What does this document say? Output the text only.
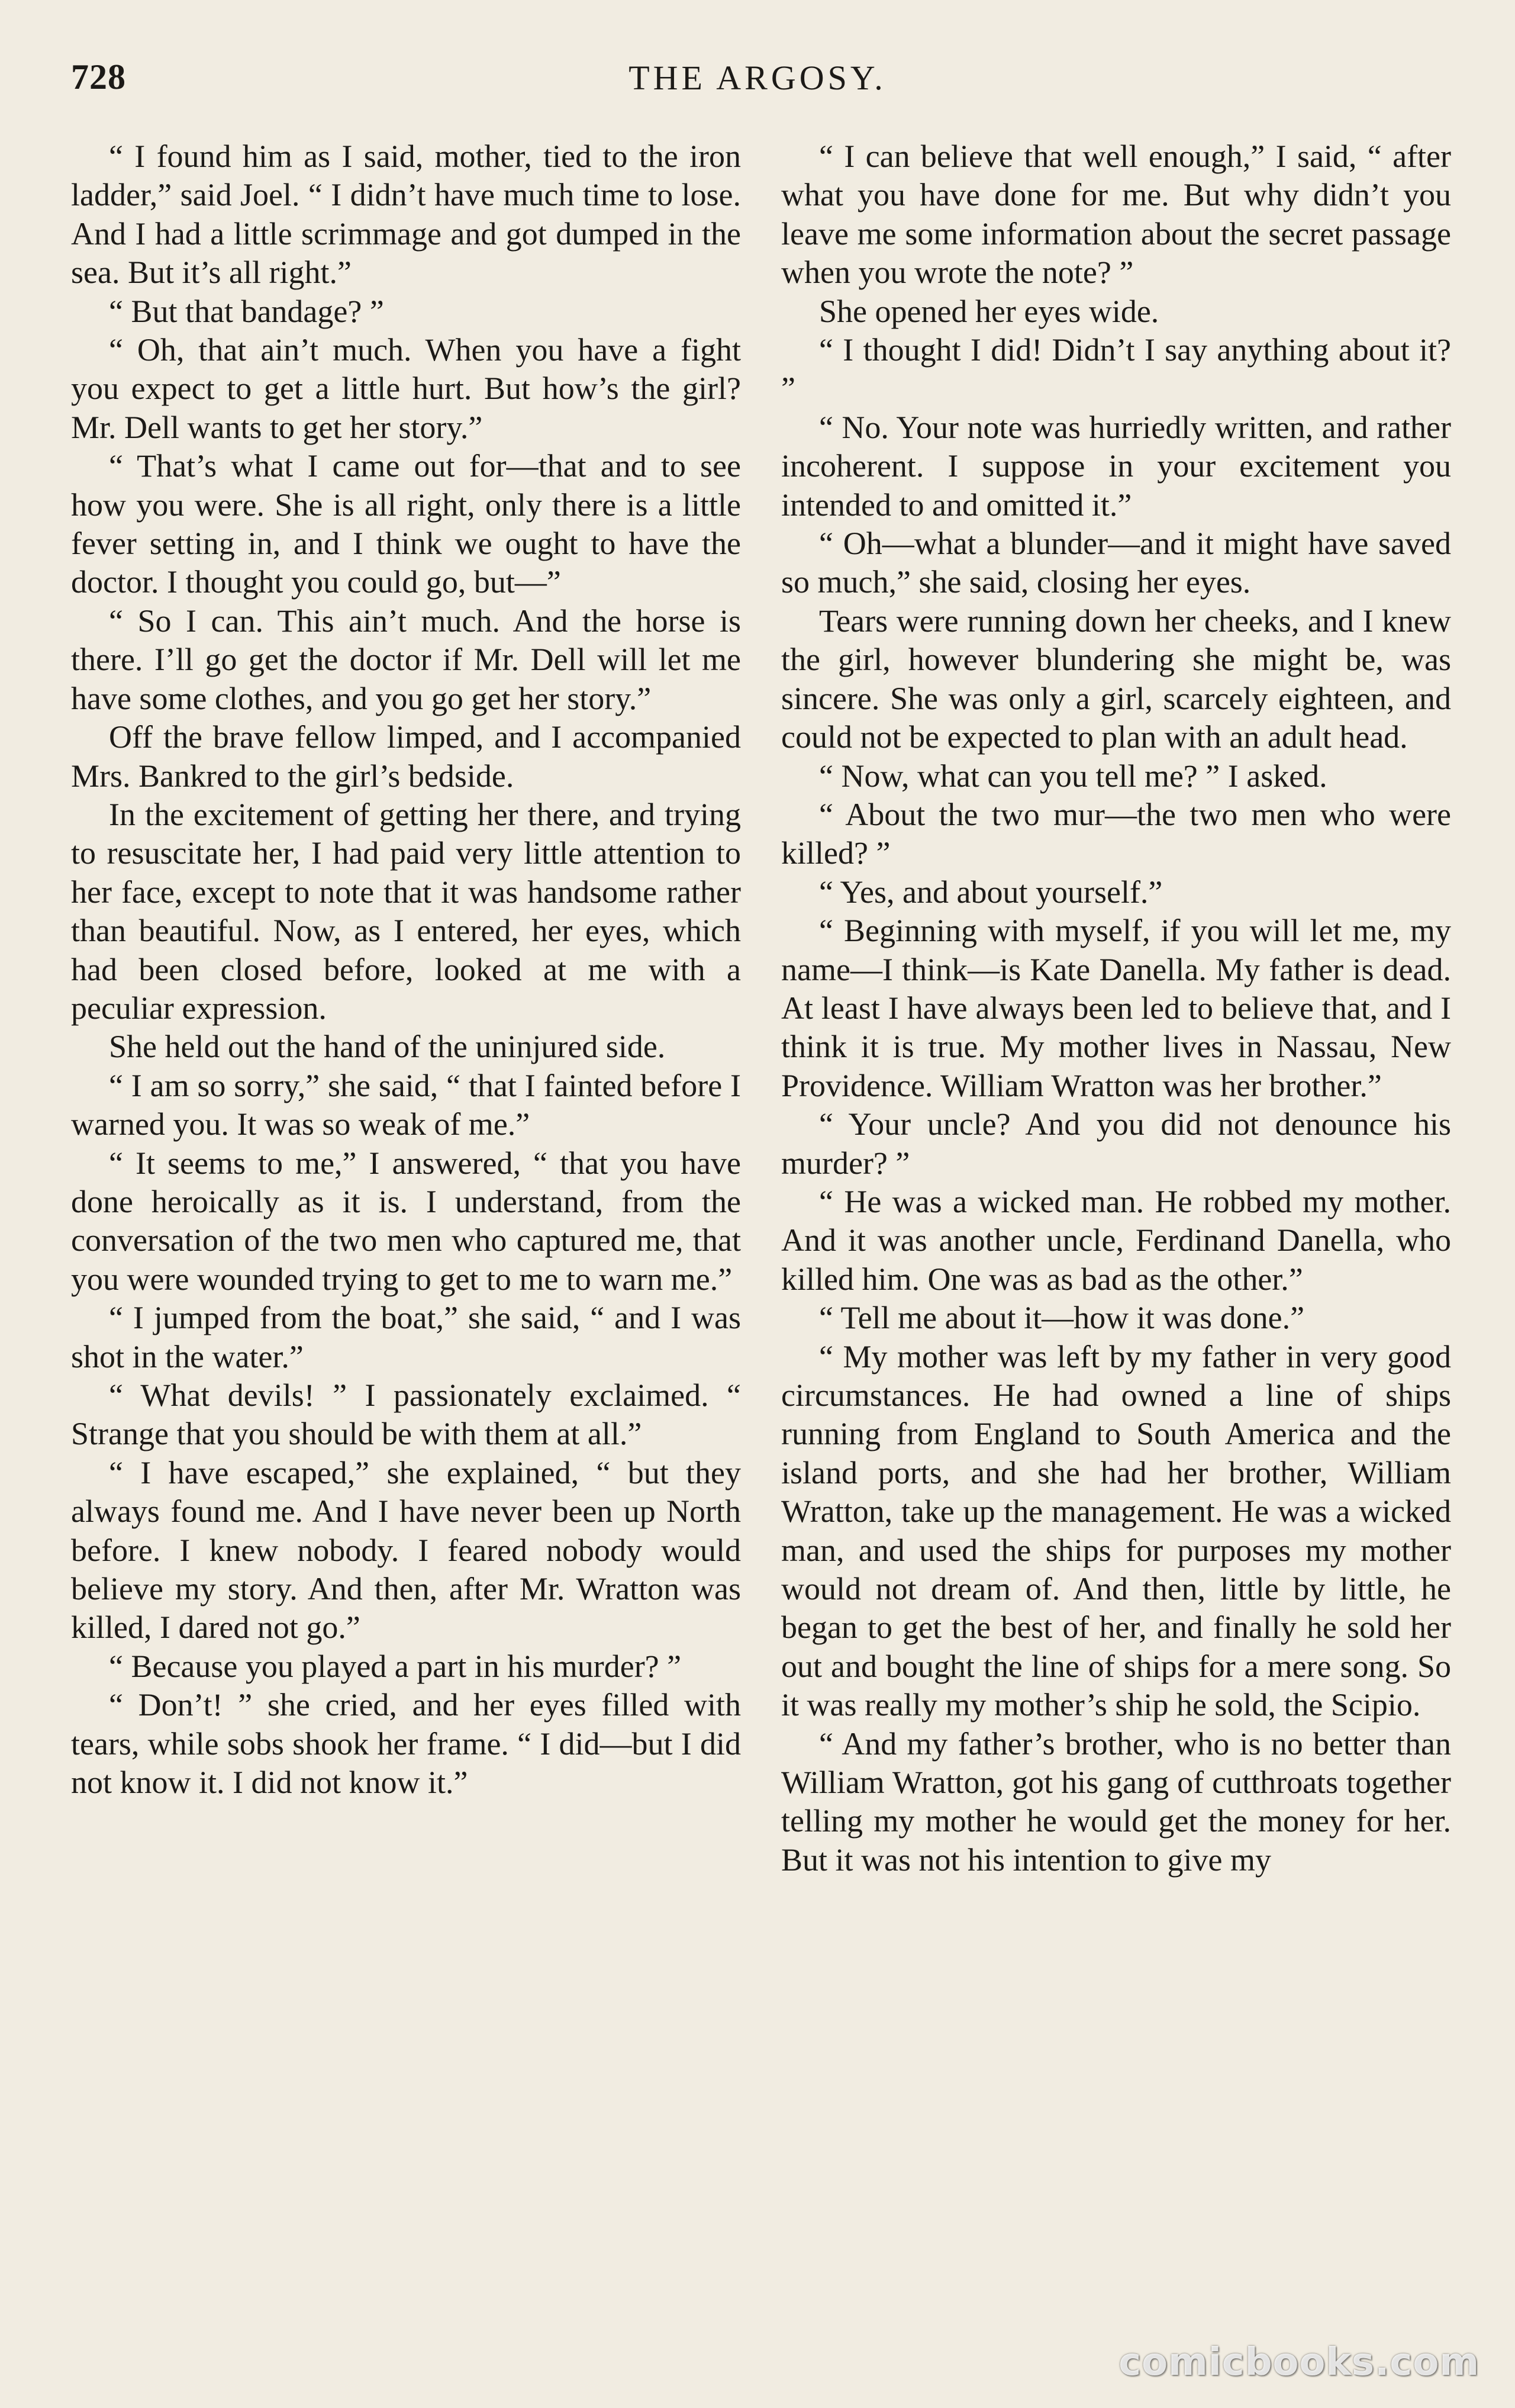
728	THE ARGOSY.

“ I found him as I said, mother, tied to the iron ladder,” said Joel. “ I didn’t have much time to lose. And I had a little scrimmage and got dumped in the sea. But it’s all right.”

“ But that bandage? ”

“ Oh, that ain’t much. When you have a fight you expect to get a little hurt. But how’s the girl? Mr. Dell wants to get her story.”

“ That’s what I came out for—that and to see how you were. She is all right, only there is a little fever setting in, and I think we ought to have the doctor. I thought you could go, but—”

“ So I can. This ain’t much. And the horse is there. I’ll go get the doctor if Mr. Dell will let me have some clothes, and you go get her story.”

Off the brave fellow limped, and I accompanied Mrs. Bankred to the girl’s bedside.

In the excitement of getting her there, and trying to resuscitate her, I had paid very little attention to her face, except to note that it was handsome rather than beautiful. Now, as I entered, her eyes, which had been closed before, looked at me with a peculiar expression.

She held out the hand of the uninjured side.

“ I am so sorry,” she said, “ that I fainted before I warned you. It was so weak of me.”

“ It seems to me,” I answered, “ that you have done heroically as it is. I understand, from the conversation of the two men who captured me, that you were wounded trying to get to me to warn me.”

“ I jumped from the boat,” she said, “ and I was shot in the water.”

“ What devils! ” I passionately exclaimed. “ Strange that you should be with them at all.”

“ I have escaped,” she explained, “ but they always found me. And I have never been up North before. I knew nobody. I feared nobody would believe my story. And then, after Mr. Wratton was killed, I dared not go.”

“ Because you played a part in his murder? ”

“ Don’t! ” she cried, and her eyes filled with tears, while sobs shook her frame. “ I did—but I did not know it. I did not know it.”

“ I can believe that well enough,” I said, “ after what you have done for me. But why didn’t you leave me some information about the secret passage when you wrote the note? ”

She opened her eyes wide.

“ I thought I did! Didn’t I say anything about it? ”

“ No. Your note was hurriedly written, and rather incoherent. I suppose in your excitement you intended to and omitted it.”

“ Oh—what a blunder—and it might have saved so much,” she said, closing her eyes.

Tears were running down her cheeks, and I knew the girl, however blundering she might be, was sincere. She was only a girl, scarcely eighteen, and could not be expected to plan with an adult head.

“ Now, what can you tell me? ” I asked.

“ About the two mur—the two men who were killed? ”

“ Yes, and about yourself.”

“ Beginning with myself, if you will let me, my name—I think—is Kate Danella. My father is dead. At least I have always been led to believe that, and I think it is true. My mother lives in Nassau, New Providence. William Wratton was her brother.”

“ Your uncle? And you did not denounce his murder? ”

“ He was a wicked man. He robbed my mother. And it was another uncle, Ferdinand Danella, who killed him. One was as bad as the other.”

“ Tell me about it—how it was done.”

“ My mother was left by my father in very good circumstances. He had owned a line of ships running from England to South America and the island ports, and she had her brother, William Wratton, take up the management. He was a wicked man, and used the ships for purposes my mother would not dream of. And then, little by little, he began to get the best of her, and finally he sold her out and bought the line of ships for a mere song. So it was really my mother’s ship he sold, the Scipio.

“ And my father’s brother, who is no better than William Wratton, got his gang of cutthroats together telling my mother he would get the money for her. But it was not his intention to give my

comicbooks.com
